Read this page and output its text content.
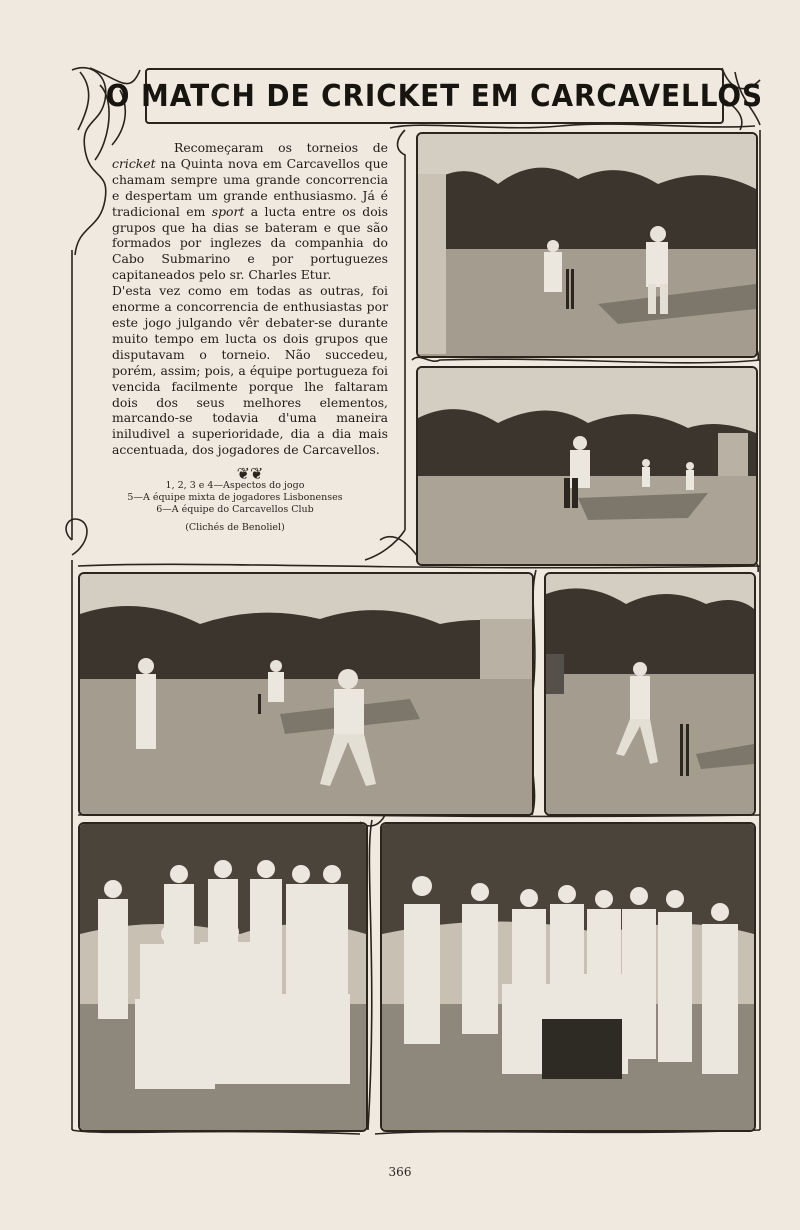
O MATCH DE CRICKET EM CARCAVELLOS

Recomeçaram os torneios de cricket na Quinta nova em Carcavellos que chamam sempre uma grande concorrencia e despertam um grande enthusiasmo. Já é tradicional em sport a lucta entre os dois grupos que ha dias se bateram e que são formados por inglezes da companhia do Cabo Submarino e por portuguezes capitaneados pelo sr. Charles Etur.

D'esta vez como em todas as outras, foi enorme a concorrencia de enthusiastas por este jogo julgando vêr debater-se durante muito tempo em lucta os dois grupos que disputavam o torneio. Não succedeu, porém, assim; pois, a équipe portugueza foi vencida facilmente porque lhe faltaram dois dos seus melhores elementos, marcando-se todavia d'uma maneira iniludivel a superioridade, dia a dia mais accentuada, dos jogadores de Carcavellos.

❦❦
1, 2, 3 e 4—Aspectos do jogo
5—A équipe mixta de jogadores Lisbonenses
6—A équipe do Carcavellos Club
(Clichés de Benoliel)
366
